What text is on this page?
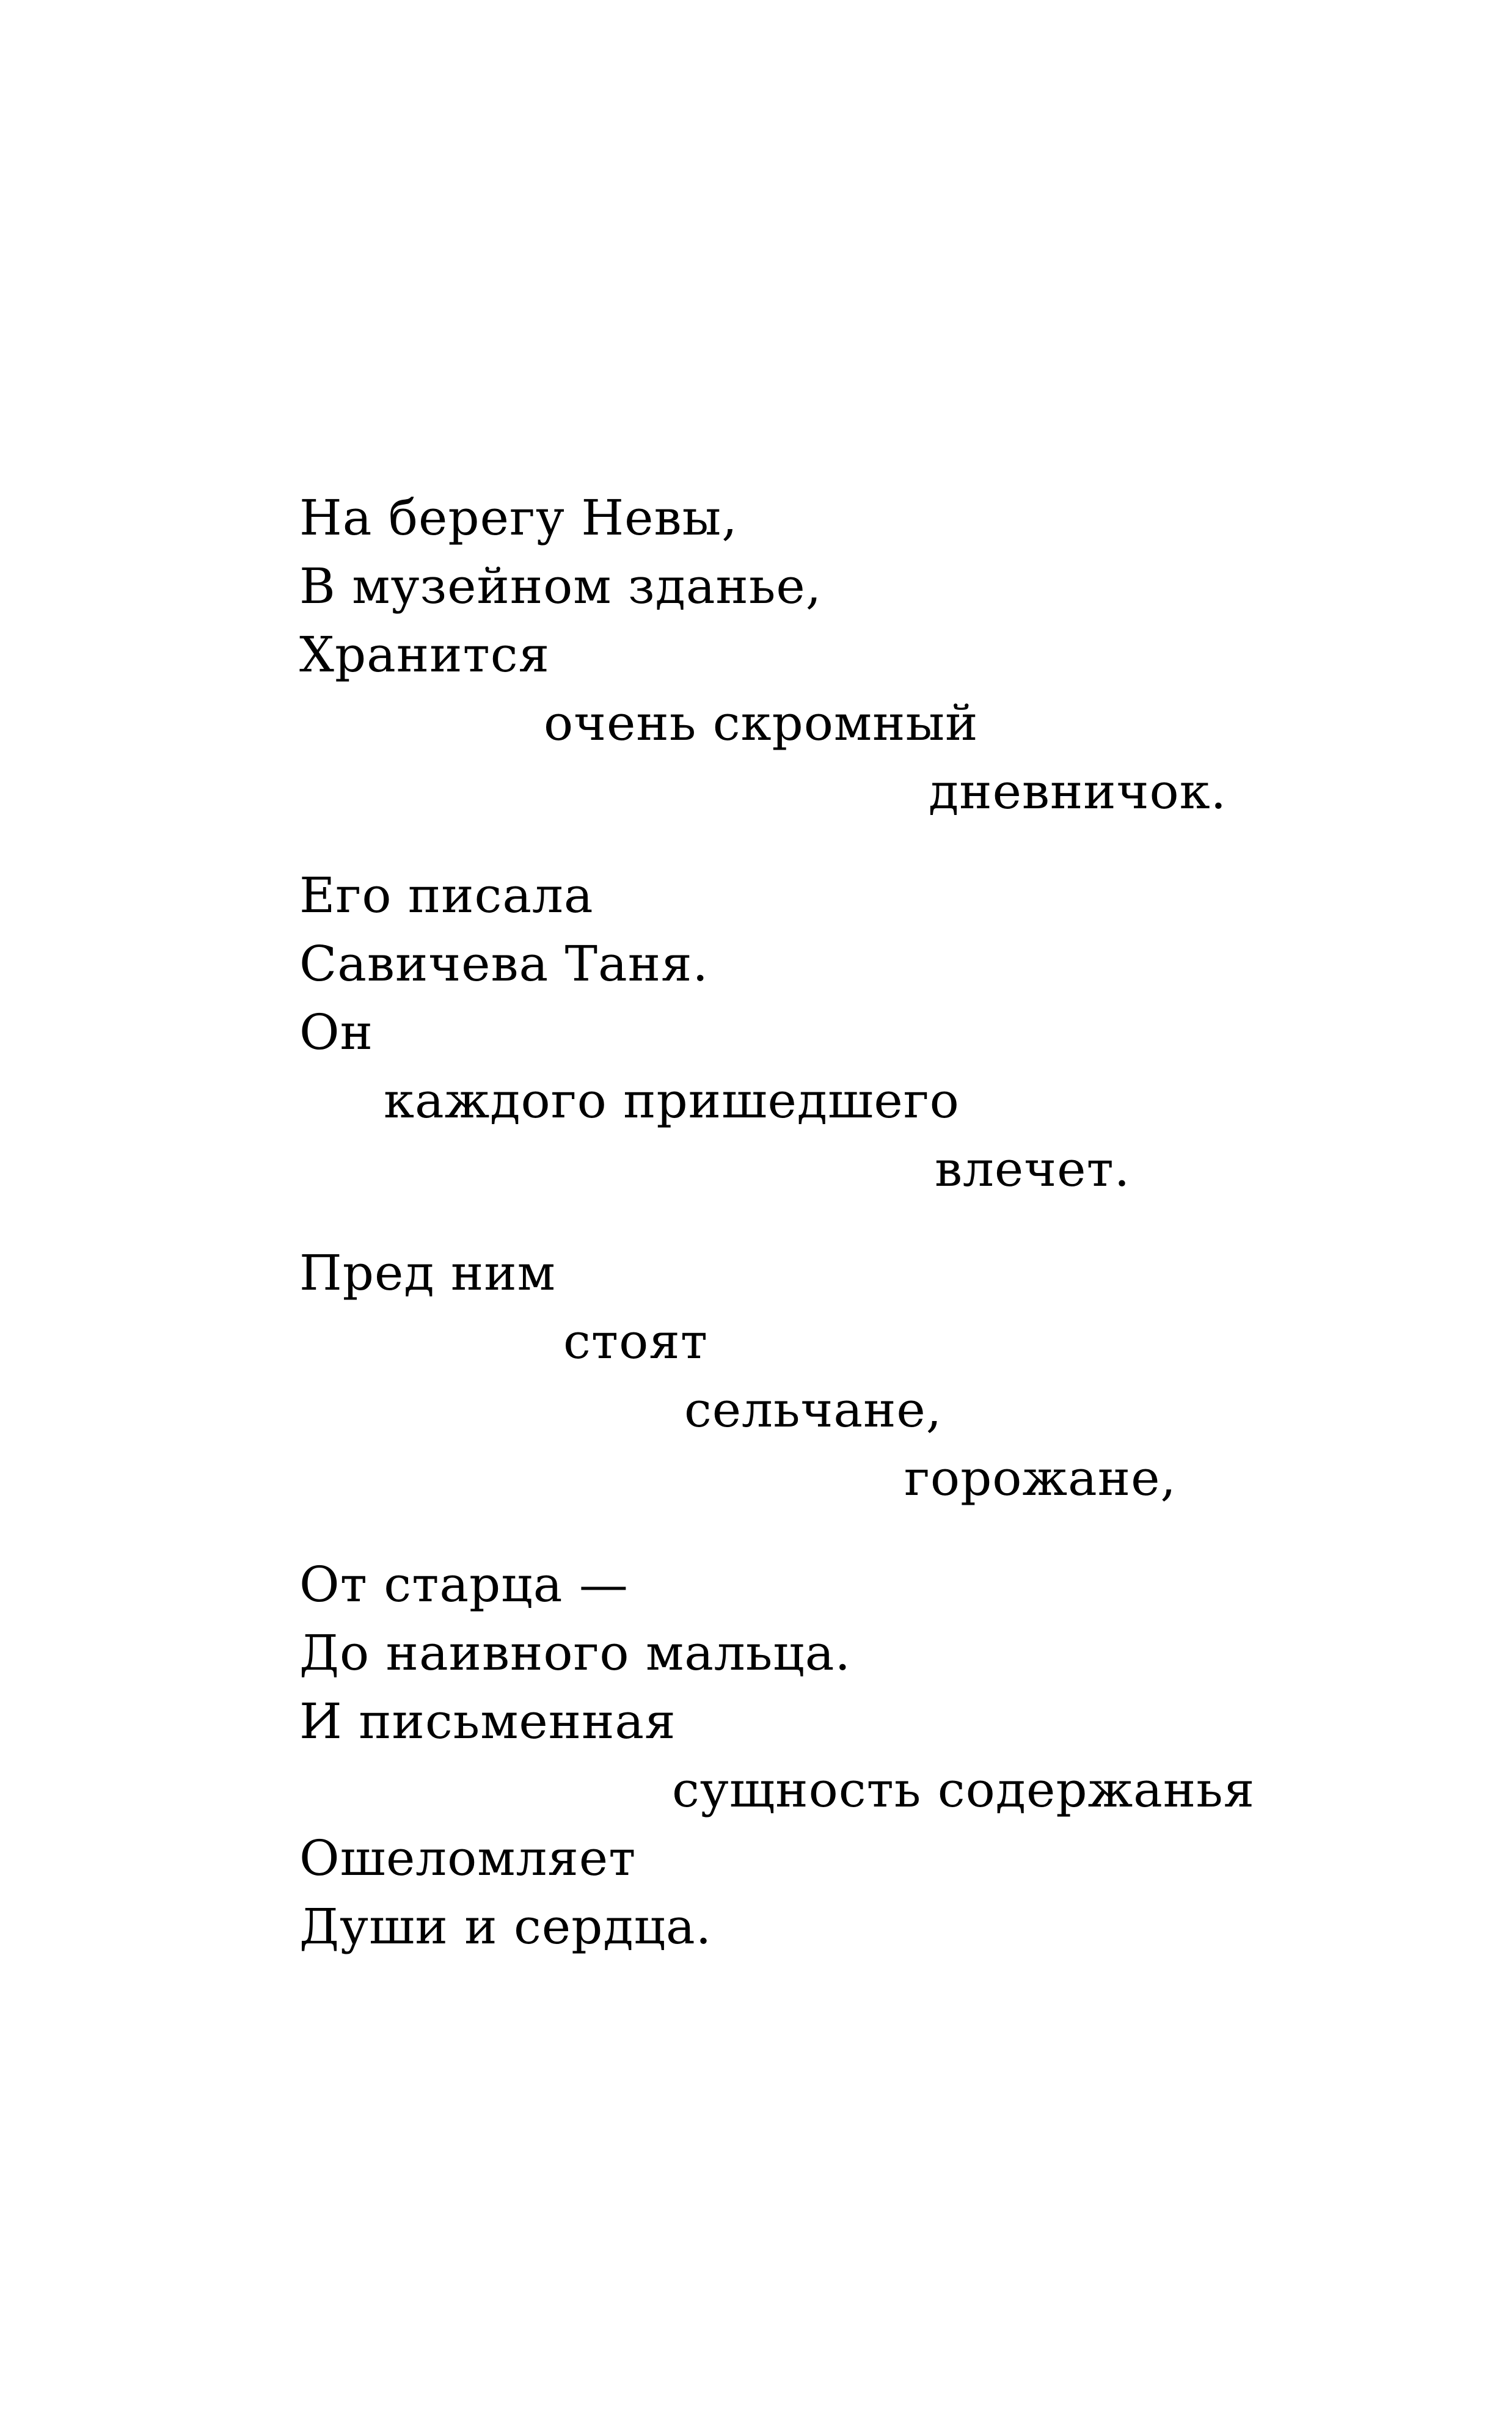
На берегу Невы,
В музейном зданье,
Хранится
очень скромный
дневничок.
Его писала
Савичева Таня.
Он
каждого пришедшего
влечет.
Пред ним
стоят
сельчане,
горожане,
От старца —
До наивного мальца.
И письменная
сущность содержанья
Ошеломляет
Души и сердца.
